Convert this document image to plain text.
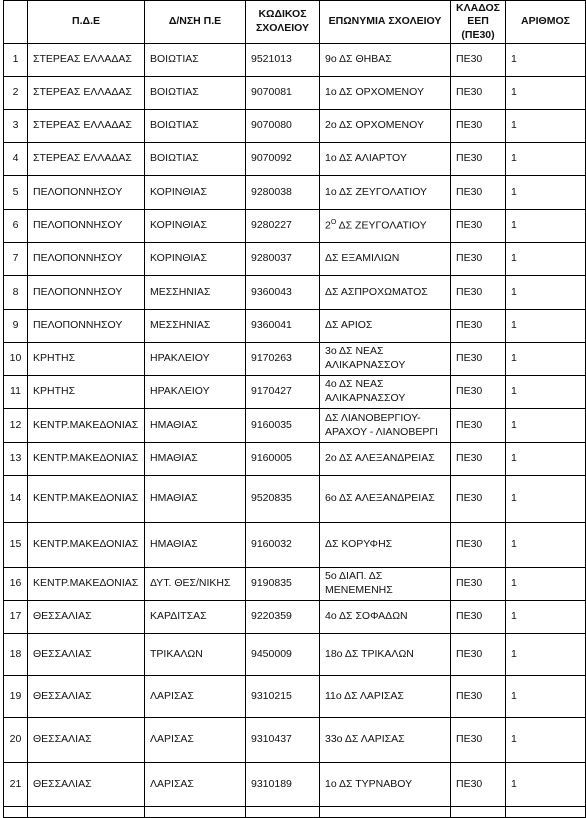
	Π.Δ.Ε	Δ/ΝΣΗ Π.Ε	ΚΩΔΙΚΟΣ ΣΧΟΛΕΙΟΥ	ΕΠΩΝΥΜΙΑ ΣΧΟΛΕΙΟΥ	ΚΛΑΔΟΣ ΕΕΠ (ΠΕ30)	ΑΡΙΘΜΟΣ
1	ΣΤΕΡΕΑΣ ΕΛΛΑΔΑΣ	ΒΟΙΩΤΙΑΣ	9521013	9ο ΔΣ ΘΗΒΑΣ	ΠΕ30	1
2	ΣΤΕΡΕΑΣ ΕΛΛΑΔΑΣ	ΒΟΙΩΤΙΑΣ	9070081	1ο ΔΣ ΟΡΧΟΜΕΝΟΥ	ΠΕ30	1
3	ΣΤΕΡΕΑΣ ΕΛΛΑΔΑΣ	ΒΟΙΩΤΙΑΣ	9070080	2ο ΔΣ ΟΡΧΟΜΕΝΟΥ	ΠΕ30	1
4	ΣΤΕΡΕΑΣ ΕΛΛΑΔΑΣ	ΒΟΙΩΤΙΑΣ	9070092	1ο ΔΣ ΑΛΙΑΡΤΟΥ	ΠΕ30	1
5	ΠΕΛΟΠΟΝΝΗΣΟΥ	ΚΟΡΙΝΘΙΑΣ	9280038	1ο ΔΣ ΖΕΥΓΟΛΑΤΙΟΥ	ΠΕ30	1
6	ΠΕΛΟΠΟΝΝΗΣΟΥ	ΚΟΡΙΝΘΙΑΣ	9280227	$2^O$ ΔΣ ΖΕΥΓΟΛΑΤΙΟΥ	ΠΕ30	1
7	ΠΕΛΟΠΟΝΝΗΣΟΥ	ΚΟΡΙΝΘΙΑΣ	9280037	ΔΣ ΕΞΑΜΙΛΙΩΝ	ΠΕ30	1
8	ΠΕΛΟΠΟΝΝΗΣΟΥ	ΜΕΣΣΗΝΙΑΣ	9360043	ΔΣ ΑΣΠΡΟΧΩΜΑΤΟΣ	ΠΕ30	1
9	ΠΕΛΟΠΟΝΝΗΣΟΥ	ΜΕΣΣΗΝΙΑΣ	9360041	ΔΣ ΑΡΙΟΣ	ΠΕ30	1
10	ΚΡΗΤΗΣ	ΗΡΑΚΛΕΙΟΥ	9170263	3ο ΔΣ ΝΕΑΣ ΑΛΙΚΑΡΝΑΣΣΟΥ	ΠΕ30	1
11	ΚΡΗΤΗΣ	ΗΡΑΚΛΕΙΟΥ	9170427	4ο ΔΣ ΝΕΑΣ ΑΛΙΚΑΡΝΑΣΣΟΥ	ΠΕ30	1
12	ΚΕΝΤΡ.ΜΑΚΕΔΟΝΙΑΣ	ΗΜΑΘΙΑΣ	9160035	ΔΣ ΛΙΑΝΟΒΕΡΓΙΟΥ-ΑΡΑΧΟΥ - ΛΙΑΝΟΒΕΡΓΙ	ΠΕ30	1
13	ΚΕΝΤΡ.ΜΑΚΕΔΟΝΙΑΣ	ΗΜΑΘΙΑΣ	9160005	2ο ΔΣ ΑΛΕΞΑΝΔΡΕΙΑΣ	ΠΕ30	1
14	ΚΕΝΤΡ.ΜΑΚΕΔΟΝΙΑΣ	ΗΜΑΘΙΑΣ	9520835	6ο ΔΣ ΑΛΕΞΑΝΔΡΕΙΑΣ	ΠΕ30	1
15	ΚΕΝΤΡ.ΜΑΚΕΔΟΝΙΑΣ	ΗΜΑΘΙΑΣ	9160032	ΔΣ ΚΟΡΥΦΗΣ	ΠΕ30	1
16	ΚΕΝΤΡ.ΜΑΚΕΔΟΝΙΑΣ	ΔΥΤ. ΘΕΣ/ΝΙΚΗΣ	9190835	5ο ΔΙΑΠ. ΔΣ ΜΕΝΕΜΕΝΗΣ	ΠΕ30	1
17	ΘΕΣΣΑΛΙΑΣ	ΚΑΡΔΙΤΣΑΣ	9220359	4ο ΔΣ ΣΟΦΑΔΩΝ	ΠΕ30	1
18	ΘΕΣΣΑΛΙΑΣ	ΤΡΙΚΑΛΩΝ	9450009	18ο ΔΣ ΤΡΙΚΑΛΩΝ	ΠΕ30	1
19	ΘΕΣΣΑΛΙΑΣ	ΛΑΡΙΣΑΣ	9310215	11ο ΔΣ ΛΑΡΙΣΑΣ	ΠΕ30	1
20	ΘΕΣΣΑΛΙΑΣ	ΛΑΡΙΣΑΣ	9310437	33ο ΔΣ ΛΑΡΙΣΑΣ	ΠΕ30	1
21	ΘΕΣΣΑΛΙΑΣ	ΛΑΡΙΣΑΣ	9310189	1ο ΔΣ ΤΥΡΝΑΒΟΥ	ΠΕ30	1
